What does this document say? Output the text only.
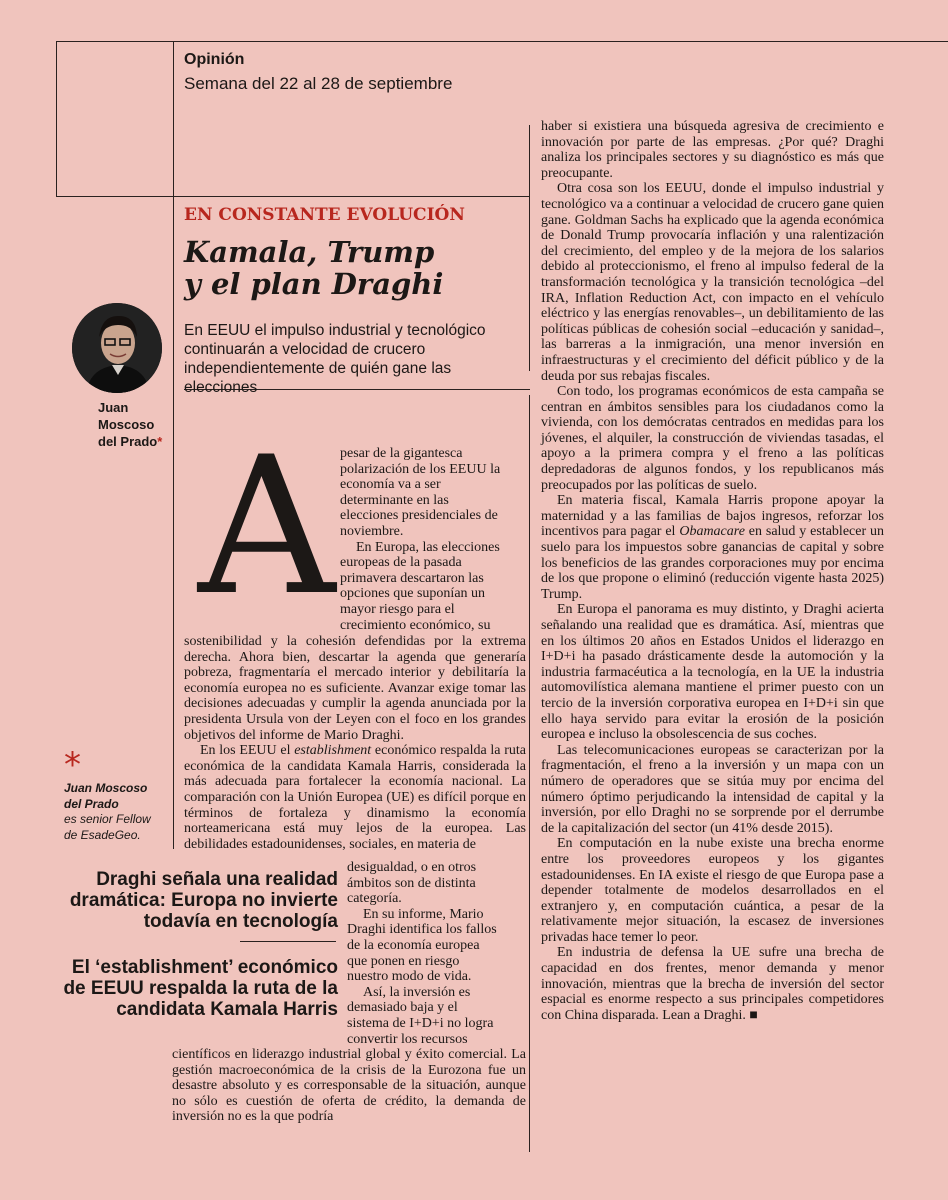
Opinión
Semana del 22 al 28 de septiembre
EN CONSTANTE EVOLUCIÓN
Kamala, Trump
y el plan Draghi
En EEUU el impulso industrial y tecnológico continuarán a velocidad de crucero independientemente de quién gane las elecciones
Juan
Moscoso
del Prado*
*
Juan Moscoso
del Prado
es senior Fellow
de EsadeGeo.
Draghi señala una realidad
dramática: Europa no invierte
todavía en tecnología
El ‘establishment’ económico
de EEUU respalda la ruta de la
candidata Kamala Harris
A pesar de la gigantesca
polarización de los EEUU la
economía va a ser
determinante en las
elecciones presidenciales de
noviembre.
En Europa, las elecciones
europeas de la pasada
primavera descartaron las
opciones que suponían un
mayor riesgo para el
crecimiento económico, su

sostenibilidad y la cohesión defendidas por la extrema derecha. Ahora bien, descartar la agenda que generaría pobreza, fragmentaría el mercado interior y debilitaría la economía europea no es suficiente. Avanzar exige tomar las decisiones adecuadas y cumplir la agenda anunciada por la presidenta Ursula von der Leyen con el foco en los grandes objetivos del informe de Mario Draghi.

En los EEUU el establishment económico respalda la ruta económica de la candidata Kamala Harris, considerada la más adecuada para fortalecer la economía nacional. La comparación con la Unión Europea (UE) es difícil porque en términos de fortaleza y dinamismo la economía norteamericana está muy lejos de la europea. Las debilidades estadounidenses, sociales, en materia de

desigualdad, o en otros
ámbitos son de distinta
categoría.
En su informe, Mario
Draghi identifica los fallos
de la economía europea
que ponen en riesgo
nuestro modo de vida.
Así, la inversión es
demasiado baja y el
sistema de I+D+i no logra
convertir los recursos

científicos en liderazgo industrial global y éxito comercial. La gestión macroeconómica de la crisis de la Eurozona fue un desastre absoluto y es corresponsable de la situación, aunque no sólo es cuestión de oferta de crédito, la demanda de inversión no es la que podría

haber si existiera una búsqueda agresiva de crecimiento e innovación por parte de las empresas. ¿Por qué? Draghi analiza los principales sectores y su diagnóstico es más que preocupante.

Otra cosa son los EEUU, donde el impulso industrial y tecnológico va a continuar a velocidad de crucero gane quien gane. Goldman Sachs ha explicado que la agenda económica de Donald Trump provocaría inflación y una ralentización del crecimiento, del empleo y de la mejora de los salarios debido al proteccionismo, el freno al impulso federal de la transformación tecnológica y la transición tecnológica –del IRA, Inflation Reduction Act, con impacto en el vehículo eléctrico y las energías renovables–, un debilitamiento de las políticas públicas de cohesión social –educación y sanidad–, las barreras a la inmigración, una menor inversión en infraestructuras y el crecimiento del déficit público y de la deuda por sus rebajas fiscales.

Con todo, los programas económicos de esta campaña se centran en ámbitos sensibles para los ciudadanos como la vivienda, con los demócratas centrados en medidas para los jóvenes, el alquiler, la construcción de viviendas tasadas, el apoyo a la primera compra y el freno a las políticas depredadoras de algunos fondos, y los republicanos más preocupados por las políticas de suelo.

En materia fiscal, Kamala Harris propone apoyar la maternidad y a las familias de bajos ingresos, reforzar los incentivos para pagar el Obamacare en salud y establecer un suelo para los impuestos sobre ganancias de capital y sobre los beneficios de las grandes corporaciones muy por encima de los que propone o eliminó (reducción vigente hasta 2025) Trump.

En Europa el panorama es muy distinto, y Draghi acierta señalando una realidad que es dramática. Así, mientras que en los últimos 20 años en Estados Unidos el liderazgo en I+D+i ha pasado drásticamente desde la automoción y la industria farmacéutica a la tecnología, en la UE la industria automovilística alemana mantiene el primer puesto con un tercio de la inversión corporativa europea en I+D+i sin que ello haya servido para evitar la erosión de la posición europea e incluso la obsolescencia de sus coches.

Las telecomunicaciones europeas se caracterizan por la fragmentación, el freno a la inversión y un mapa con un número de operadores que se sitúa muy por encima del número óptimo perjudicando la intensidad de capital y la inversión, por ello Draghi no se sorprende por el derrumbe de la capitalización del sector (un 41% desde 2015).

En computación en la nube existe una brecha enorme entre los proveedores europeos y los gigantes estadounidenses. En IA existe el riesgo de que Europa pase a depender totalmente de modelos desarrollados en el extranjero y, en computación cuántica, a pesar de la relativamente mejor situación, la escasez de inversiones privadas hace temer lo peor.

En industria de defensa la UE sufre una brecha de capacidad en dos frentes, menor demanda y menor innovación, mientras que la brecha de inversión del sector espacial es enorme respecto a sus principales competidores con China disparada. Lean a Draghi. ■
